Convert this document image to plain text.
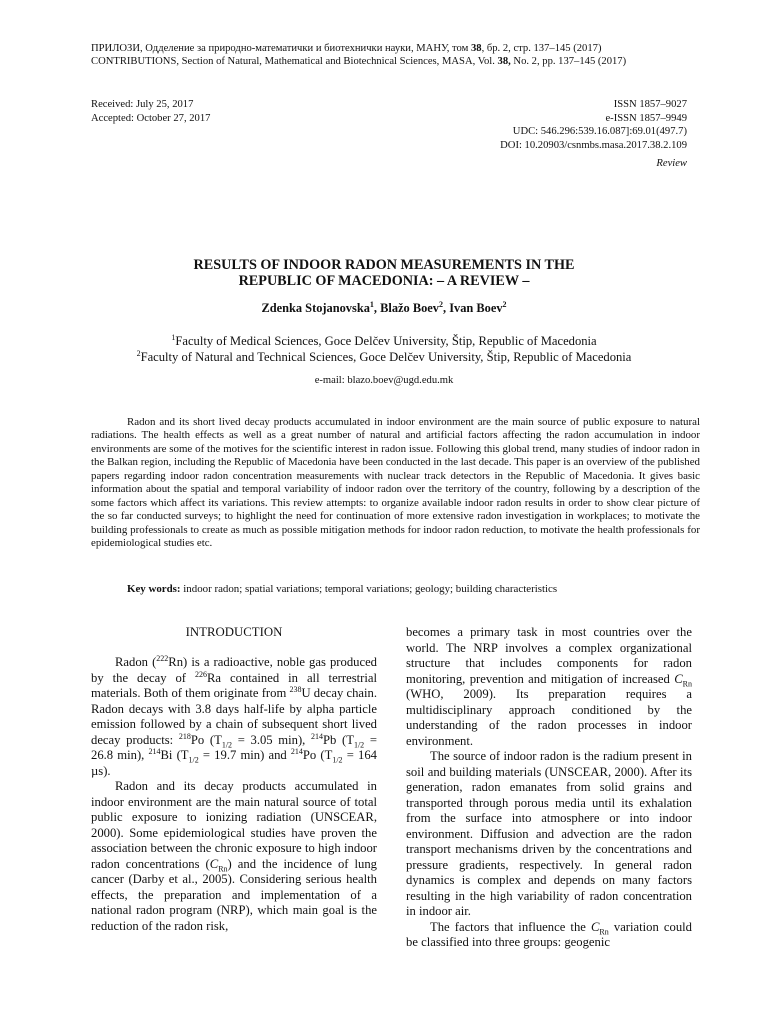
ПРИЛОЗИ, Одделение за природно-математички и биотехнички науки, МАНУ, том 38, бр. 2, стр. 137–145 (2017)
CONTRIBUTIONS, Section of Natural, Mathematical and Biotechnical Sciences, MASA, Vol. 38, No. 2, pp. 137–145 (2017)
Received: July 25, 2017
Accepted: October 27, 2017
ISSN 1857–9027
e-ISSN 1857–9949
UDC: 546.296:539.16.087]:69.01(497.7)
DOI: 10.20903/csnmbs.masa.2017.38.2.109
Review
RESULTS OF INDOOR RADON MEASUREMENTS IN THE
REPUBLIC OF MACEDONIA: – A REVIEW –
Zdenka Stojanovska$^1$, Blažo Boev$^2$, Ivan Boev$^2$
$^1$Faculty of Medical Sciences, Goce Delčev University, Štip, Republic of Macedonia
$^2$Faculty of Natural and Technical Sciences, Goce Delčev University, Štip, Republic of Macedonia
e-mail: blazo.boev@ugd.edu.mk

Radon and its short lived decay products accumulated in indoor environment are the main source of public exposure to natural radiations. The health effects as well as a great number of natural and artificial factors affecting the radon accumulation in indoor environments are some of the motives for the scientific interest in radon issue. Following this global trend, many studies of indoor radon in the Balkan region, including the Republic of Macedonia have been conducted in the last decade. This paper is an overview of the published papers regarding indoor radon concentration measurements with nuclear track detectors in the Republic of Macedonia. It gives basic information about the spatial and temporal variability of indoor radon over the territory of the country, following by a description of the some factors which affect its variations. This review attempts: to organize available indoor radon results in order to show clear picture of the so far conducted surveys; to highlight the need for continuation of more extensive radon investigation in workplaces; to motivate the building professionals to create as much as possible mitigation methods for indoor radon reduction, to motivate the health professionals for epidemiological studies etc.

Key words: indoor radon; spatial variations; temporal variations; geology; building characteristics
INTRODUCTION

Radon ($^{222}$Rn) is a radioactive, noble gas produced by the decay of $^{226}$Ra contained in all terrestrial materials. Both of them originate from $^{238}$U decay chain. Radon decays with 3.8 days half-life by alpha particle emission followed by a chain of subsequent short lived decay products: $^{218}$Po ($T_{1/2} = 3.05$ min), $^{214}$Pb ($T_{1/2} = 26.8$ min), $^{214}$Bi ($T_{1/2} = 19.7$ min) and $^{214}$Po ($T_{1/2} = 164$ µs).

Radon and its decay products accumulated in indoor environment are the main natural source of total public exposure to ionizing radiation (UNSCEAR, 2000). Some epidemiological studies have proven the association between the chronic exposure to high indoor radon concentrations $(C_{Rn})$ and the incidence of lung cancer (Darby et al., 2005). Considering serious health effects, the preparation and implementation of a national radon program (NRP), which main goal is the reduction of the radon risk,

becomes a primary task in most countries over the world. The NRP involves a complex organizational structure that includes components for radon monitoring, prevention and mitigation of increased $C_{Rn}$ (WHO, 2009). Its preparation requires a multidisciplinary approach conditioned by the understanding of the radon processes in indoor environment.

The source of indoor radon is the radium present in soil and building materials (UNSCEAR, 2000). After its generation, radon emanates from solid grains and transported through porous media until its exhalation from the surface into atmosphere or into indoor environment. Diffusion and advection are the radon transport mechanisms driven by the concentrations and pressure gradients, respectively. In general radon dynamics is complex and depends on many factors resulting in the high variability of radon concentration in indoor air.

The factors that influence the $C_{Rn}$ variation could be classified into three groups: geogenic
